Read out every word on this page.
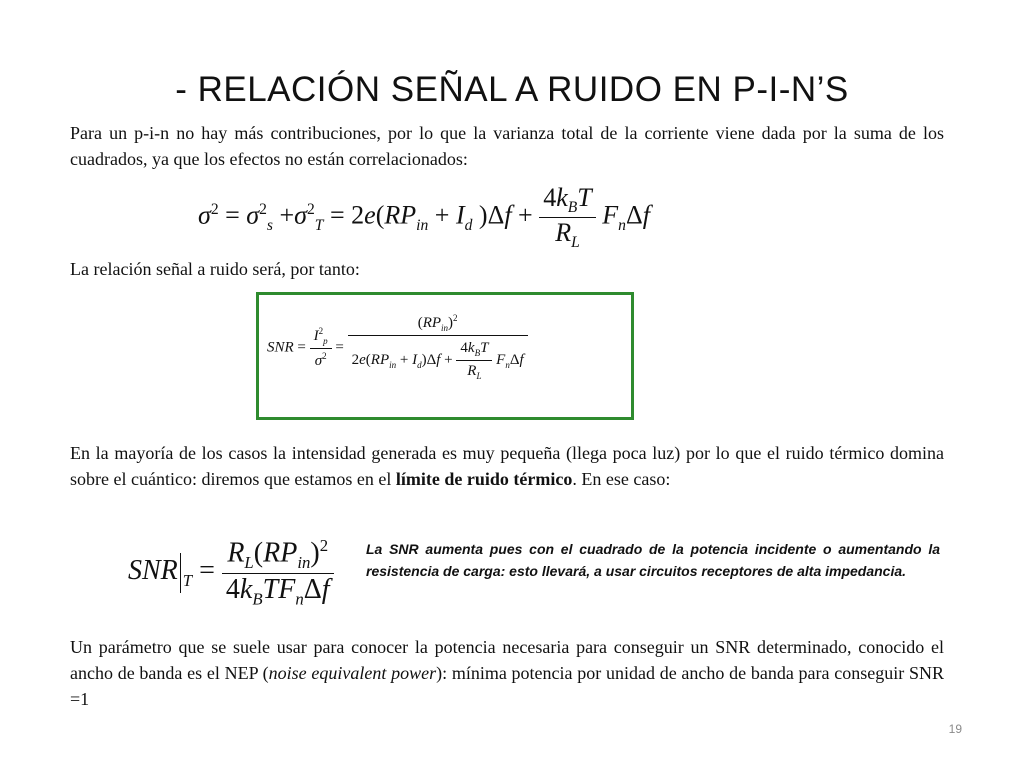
- RELACIÓN SEÑAL A RUIDO EN P-I-N’S
Para un p-i-n no hay más contribuciones, por lo que la varianza total de la corriente viene dada por la suma de los cuadrados, ya que los efectos no están correlacionados:
$\sigma^2 = \sigma^2_s +\sigma^2_T = 2e(RP_{in} + I_d$ )$\Delta f + \frac{4k_BT}{R_L} F_n\Delta f$
La relación señal a ruido será, por tanto:
SNR = $\frac{I^2_p}{\sigma^2} = \frac{(RP_{in})^2}{2e(RP_{in} + I_d)\Delta f + \frac{4k_BT}{R_L} F_n\Delta f}$
En la mayoría de los casos la intensidad generada es muy pequeña (llega poca luz) por lo que el ruido térmico domina sobre el cuántico: diremos que estamos en el límite de ruido térmico. En ese caso:
SNR $_T = \frac{R_L(RP_{in})^2}{4k_BTF_n\Delta f}$ La SNR aumenta pues con el cuadrado de la potencia incidente o aumentando la resistencia de carga: esto llevará, a usar circuitos receptores de alta impedancia.
Un parámetro que se suele usar para conocer la potencia necesaria para conseguir un SNR determinado, conocido el ancho de banda es el NEP (noise equivalent power): mínima potencia por unidad de ancho de banda para conseguir SNR =1
19
